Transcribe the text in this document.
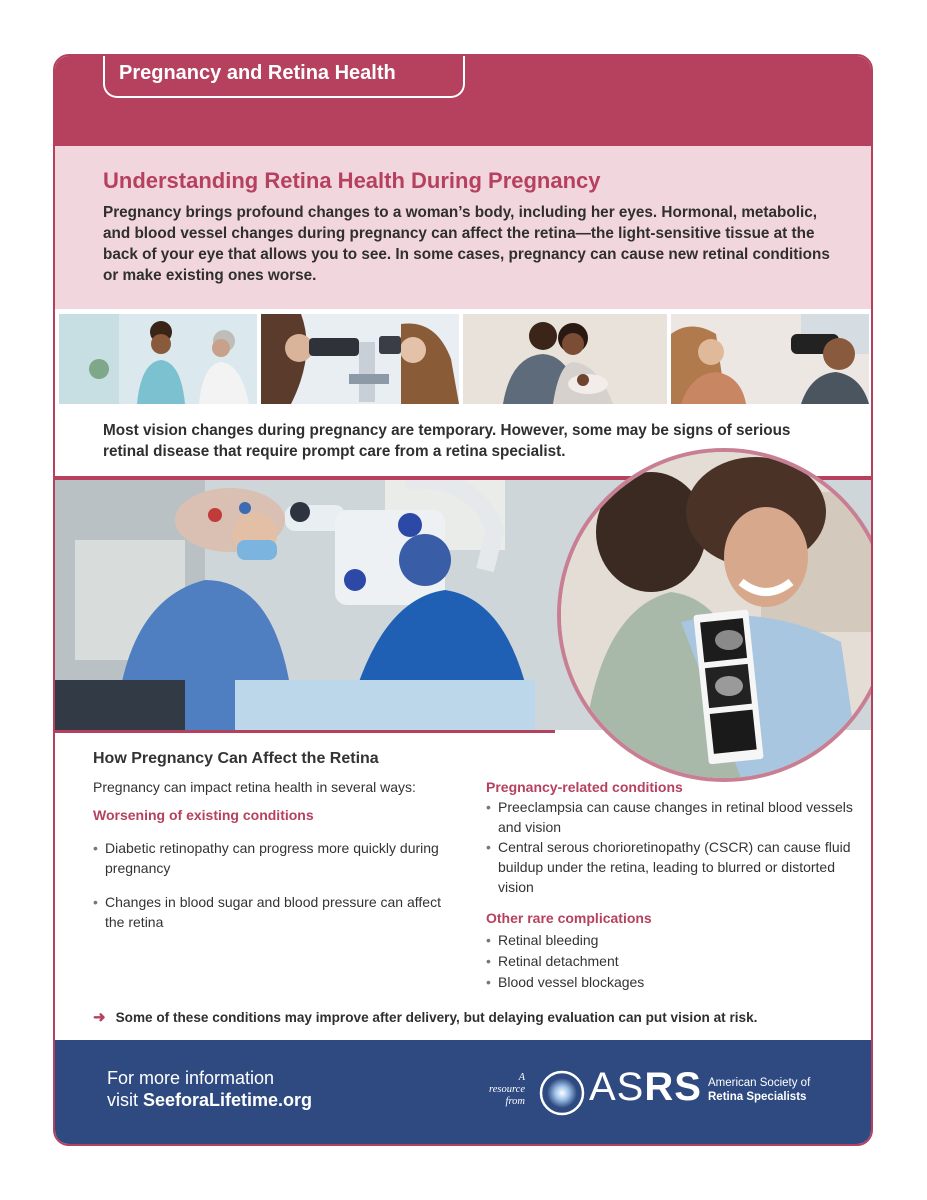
Pregnancy and Retina Health
Understanding Retina Health During Pregnancy

Pregnancy brings profound changes to a woman’s body, including her eyes. Hormonal, metabolic, and blood vessel changes during pregnancy can affect the retina—the light-sensitive tissue at the back of your eye that allows you to see. In some cases, pregnancy can cause new retinal conditions or make existing ones worse.

Most vision changes during pregnancy are temporary. However, some may be signs of serious retinal disease that require prompt care from a retina specialist.

How Pregnancy Can Affect the Retina
Pregnancy can impact retina health in several ways:
Worsening of existing conditions
• Diabetic retinopathy can progress more quickly during pregnancy
• Changes in blood sugar and blood pressure can affect the retina
Pregnancy-related conditions
• Preeclampsia can cause changes in retinal blood vessels and vision
• Central serous chorioretinopathy (CSCR) can cause fluid buildup under the retina, leading to blurred or distorted vision
Other rare complications
• Retinal bleeding
• Retinal detachment
• Blood vessel blockages
➜ Some of these conditions may improve after delivery, but delaying evaluation can put vision at risk.
For more information
visit SeeforaLifetime.org
A
resource
from ASRS American Society of
Retina Specialists
